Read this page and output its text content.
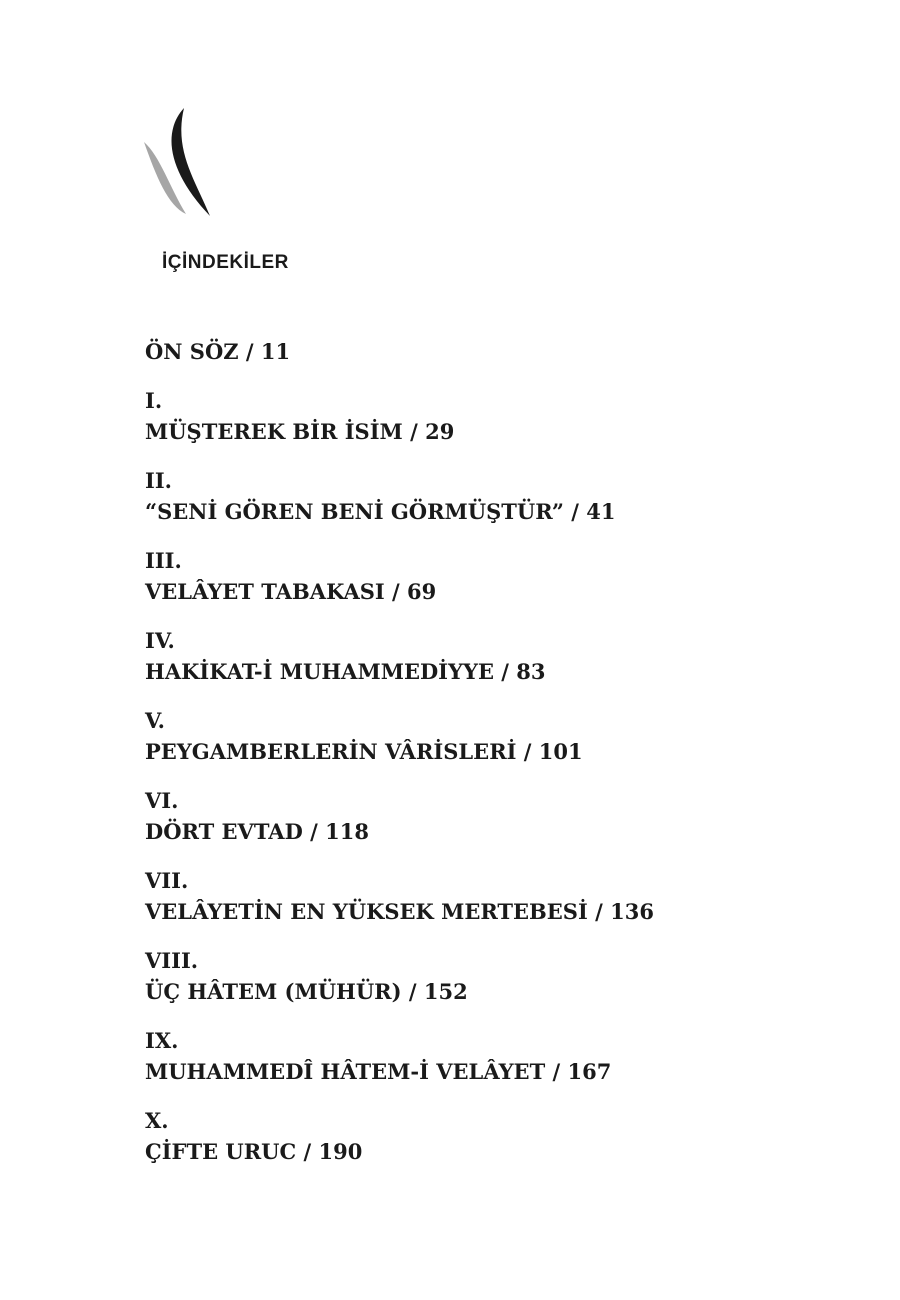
İÇİNDEKİLER
ÖN SÖZ / 11
I.
MÜŞTEREK BİR İSİM / 29
II.
“SENİ GÖREN BENİ GÖRMÜŞTÜR” / 41
III.
VELÂYET TABAKASI / 69
IV.
HAKİKAT-İ MUHAMMEDİYYE / 83
V.
PEYGAMBERLERİN VÂRİSLERİ / 101
VI.
DÖRT EVTAD / 118
VII.
VELÂYETİN EN YÜKSEK MERTEBESİ / 136
VIII.
ÜÇ HÂTEM (MÜHÜR) / 152
IX.
MUHAMMEDÎ HÂTEM-İ VELÂYET / 167
X.
ÇİFTE URUC / 190
